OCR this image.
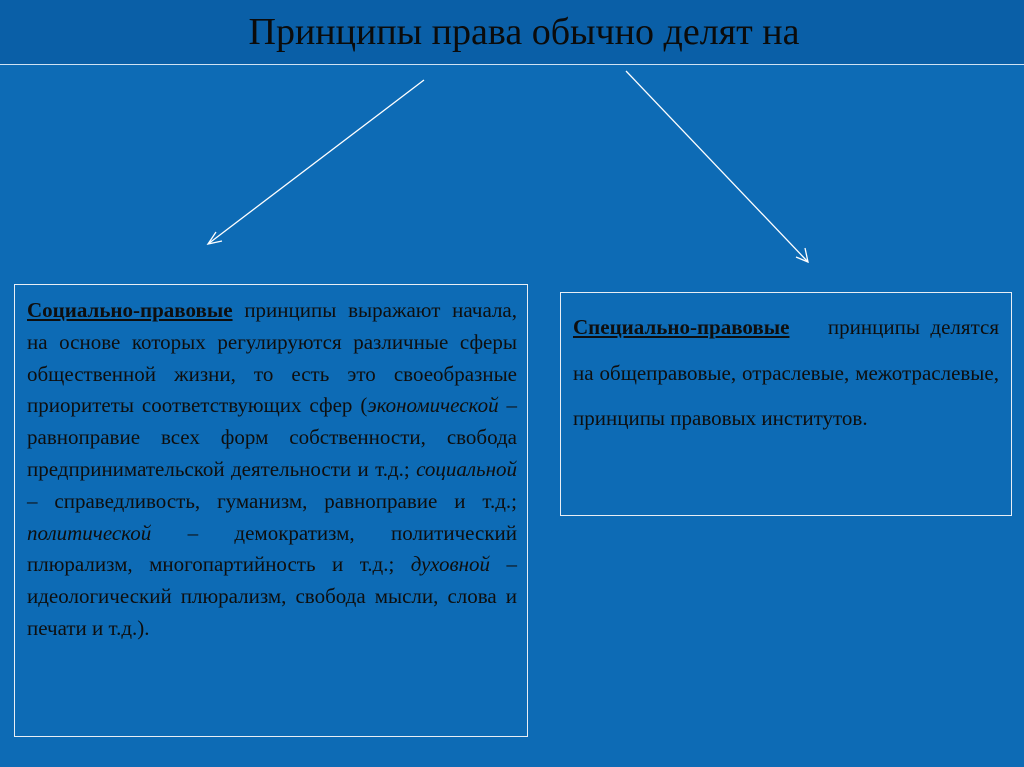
Принципы права обычно делят на

Социально-правовые принципы выражают начала, на основе которых регулируются различные сферы общественной жизни, то есть это своеобразные приоритеты соответствующих сфер (экономической – равноправие всех форм собственности, свобода предпринимательской деятельности и т.д.; социальной – справедливость, гуманизм, равноправие и т.д.; политической – демократизм, политический плюрализм, многопартийность и т.д.; духовной – идеологический плюрализм, свобода мысли, слова и печати и т.д.).

Специально-правовые принципы делятся на общеправовые, отраслевые, межотраслевые, принципы правовых институтов.
